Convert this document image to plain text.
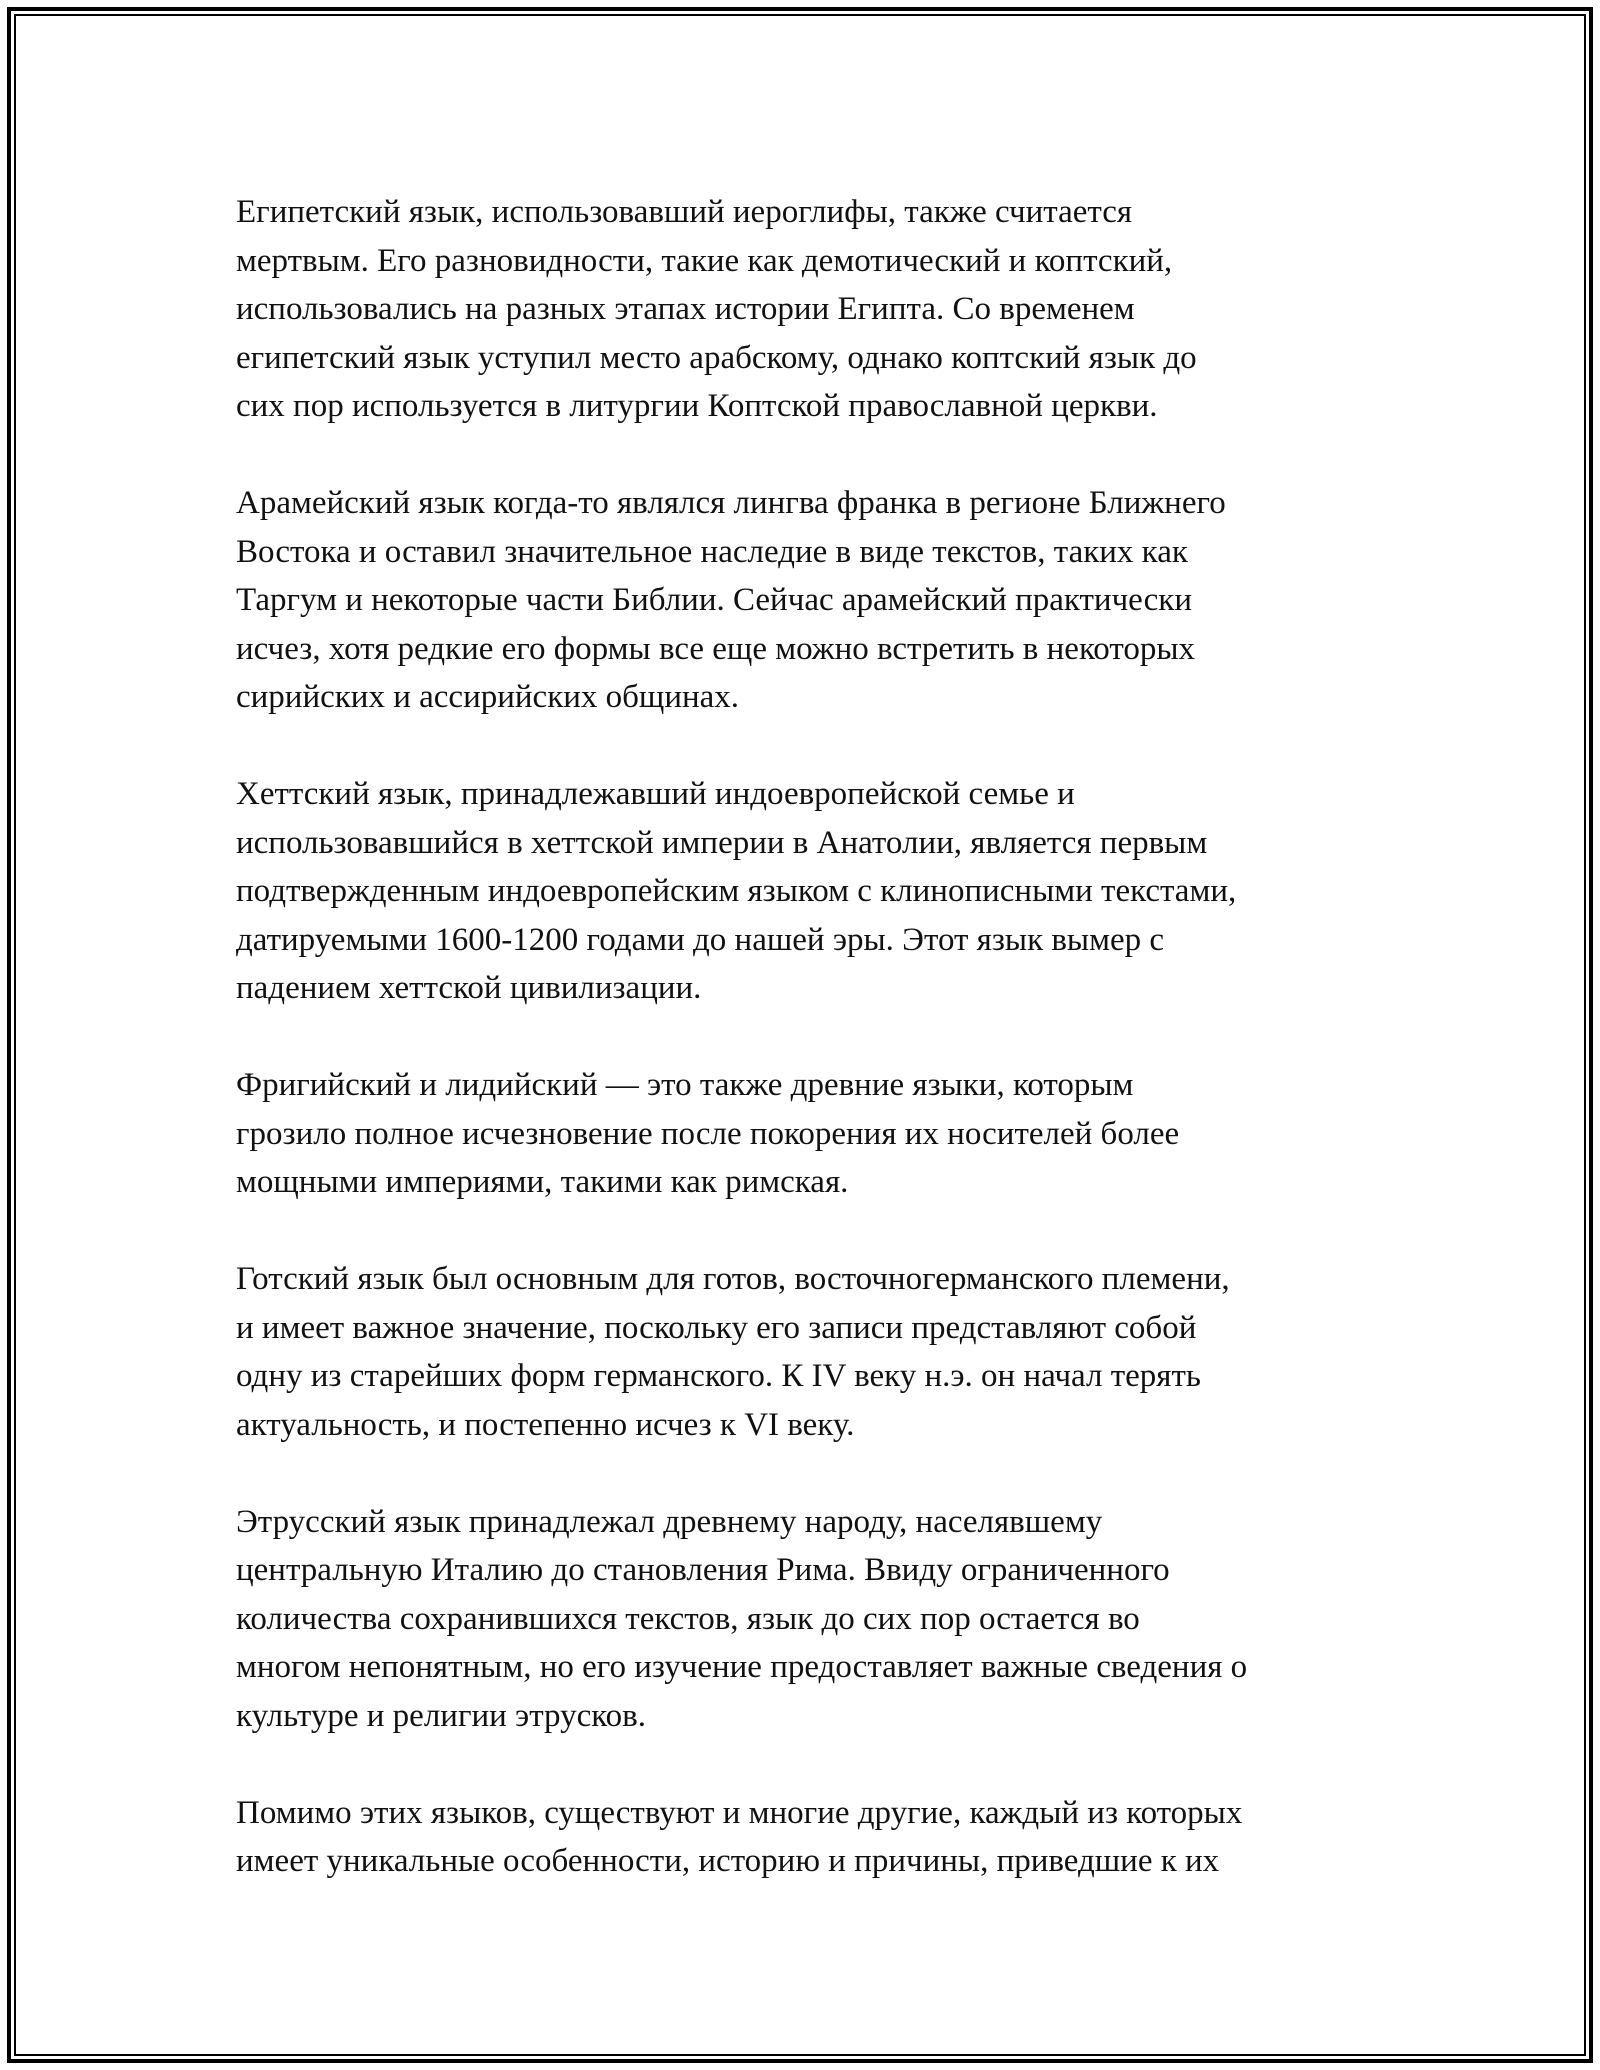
Египетский язык, использовавший иероглифы, также считается
мертвым. Его разновидности, такие как демотический и коптский,
использовались на разных этапах истории Египта. Со временем
египетский язык уступил место арабскому, однако коптский язык до
сих пор используется в литургии Коптской православной церкви.

Арамейский язык когда-то являлся лингва франка в регионе Ближнего
Востока и оставил значительное наследие в виде текстов, таких как
Таргум и некоторые части Библии. Сейчас арамейский практически
исчез, хотя редкие его формы все еще можно встретить в некоторых
сирийских и ассирийских общинах.

Хеттский язык, принадлежавший индоевропейской семье и
использовавшийся в хеттской империи в Анатолии, является первым
подтвержденным индоевропейским языком с клинописными текстами,
датируемыми 1600-1200 годами до нашей эры. Этот язык вымер с
падением хеттской цивилизации.

Фригийский и лидийский — это также древние языки, которым
грозило полное исчезновение после покорения их носителей более
мощными империями, такими как римская.

Готский язык был основным для готов, восточногерманского племени,
и имеет важное значение, поскольку его записи представляют собой
одну из старейших форм германского. К IV веку н.э. он начал терять
актуальность, и постепенно исчез к VI веку.

Этрусский язык принадлежал древнему народу, населявшему
центральную Италию до становления Рима. Ввиду ограниченного
количества сохранившихся текстов, язык до сих пор остается во
многом непонятным, но его изучение предоставляет важные сведения о
культуре и религии этрусков.

Помимо этих языков, существуют и многие другие, каждый из которых
имеет уникальные особенности, историю и причины, приведшие к их
